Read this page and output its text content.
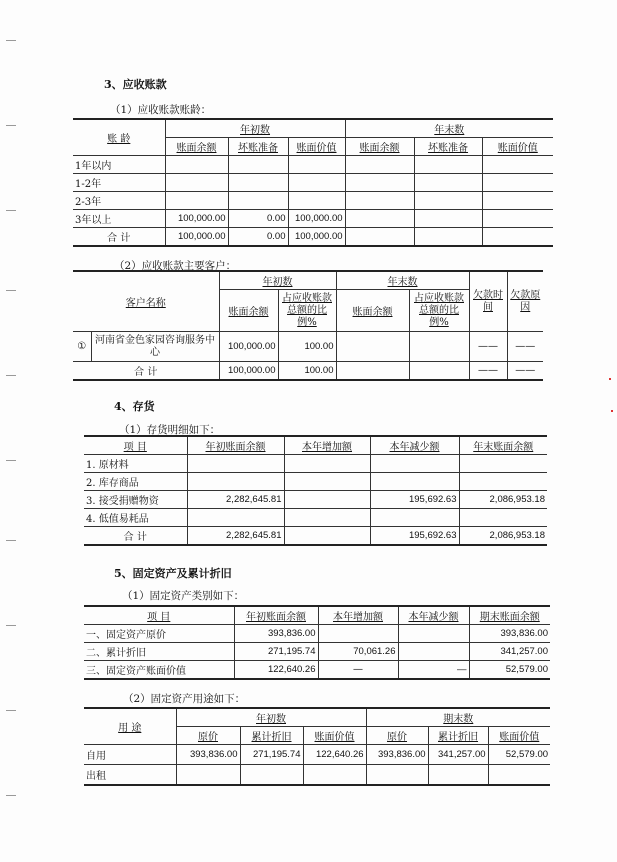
3、应收账款
（1）应收账款账龄：
账 龄	年初数			年末数		
	账面余额	坏账准备	账面价值	账面余额	坏账准备	账面价值
1年以内						
1-2年						
2-3年						
3年以上	100,000.00	0.00	100,000.00			
合 计	100,000.00	0.00	100,000.00			
（2）应收账款主要客户：
客户名称		年初数		年末数		欠款时间	欠款原因
		账面余额	占应收账款总额的比例%	账面余额	占应收账款总额的比例%		
①	河南省金色家园咨询服务中心	100,000.00	100.00			——	——
合 计		100,000.00	100.00			——	——
4、存货
（1）存货明细如下：
项 目	年初账面余额	本年增加额	本年减少额	年末账面余额
1. 原材料				
2. 库存商品				
3. 接受捐赠物资	2,282,645.81		195,692.63	2,086,953.18
4. 低值易耗品				
合 计	2,282,645.81		195,692.63	2,086,953.18
5、固定资产及累计折旧
（1）固定资产类别如下：
项 目	年初账面余额	本年增加额	本年减少额	期末账面余额
一、固定资产原价	393,836.00			393,836.00
二、累计折旧	271,195.74	70,061.26		341,257.00
三、固定资产账面价值	122,640.26	—	—	52,579.00
（2）固定资产用途如下：
用 途	年初数			期末数		
	原价	累计折旧	账面价值	原价	累计折旧	账面价值
自用	393,836.00	271,195.74	122,640.26	393,836.00	341,257.00	52,579.00
出租						
